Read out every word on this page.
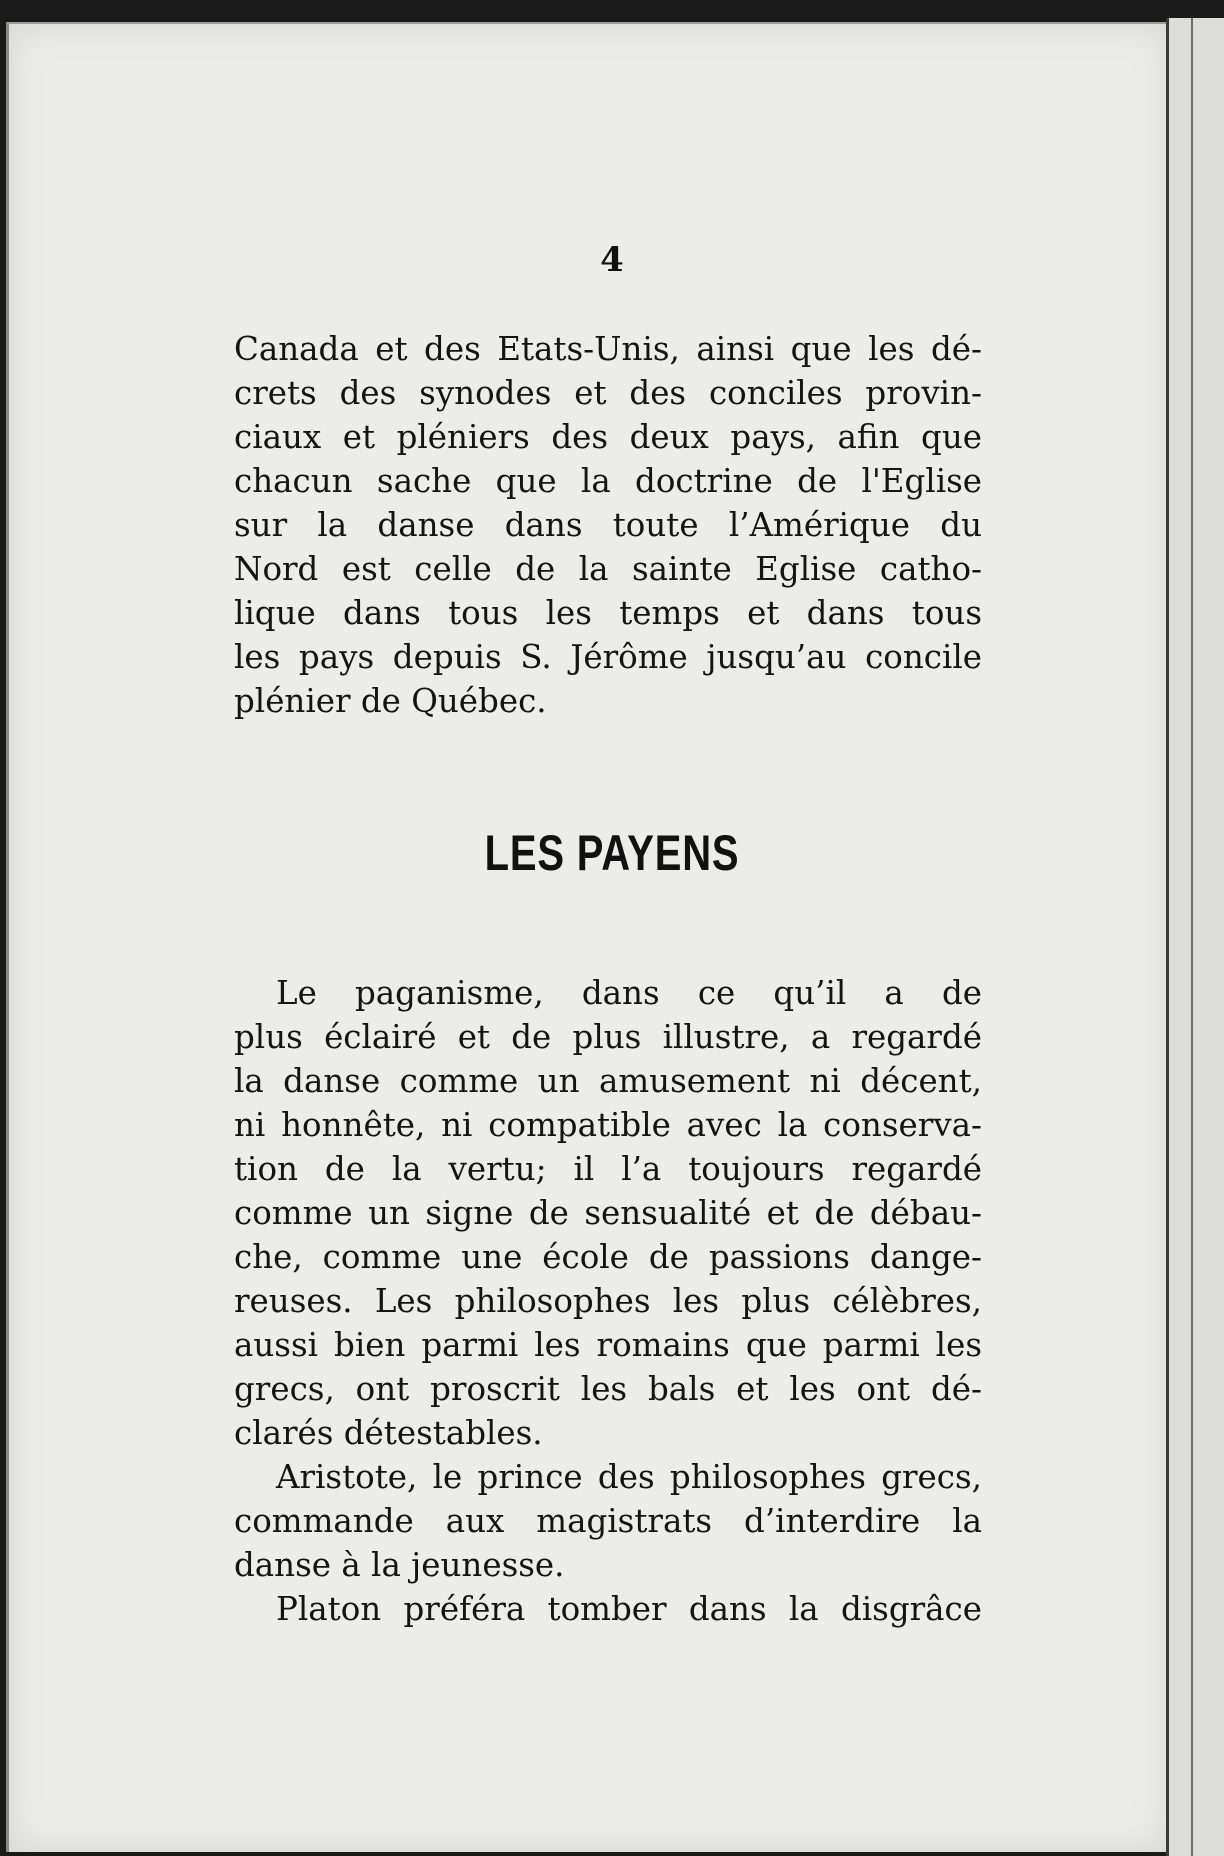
4

Canada et des Etats-Unis, ainsi que les dé-
crets des synodes et des conciles provin-
ciaux et pléniers des deux pays, afin que
chacun sache que la doctrine de l'Eglise
sur la danse dans toute l’Amérique du
Nord est celle de la sainte Eglise catho-
lique dans tous les temps et dans tous
les pays depuis S. Jérôme jusqu’au concile
plénier de Québec.
LES PAYENS
Le paganisme, dans ce qu’il a de
plus éclairé et de plus illustre, a regardé
la danse comme un amusement ni décent,
ni honnête, ni compatible avec la conserva-
tion de la vertu; il l’a toujours regardé
comme un signe de sensualité et de débau-
che, comme une école de passions dange-
reuses. Les philosophes les plus célèbres,
aussi bien parmi les romains que parmi les
grecs, ont proscrit les bals et les ont dé-
clarés détestables.
Aristote, le prince des philosophes grecs,
commande aux magistrats d’interdire la
danse à la jeunesse.
Platon préféra tomber dans la disgrâce
